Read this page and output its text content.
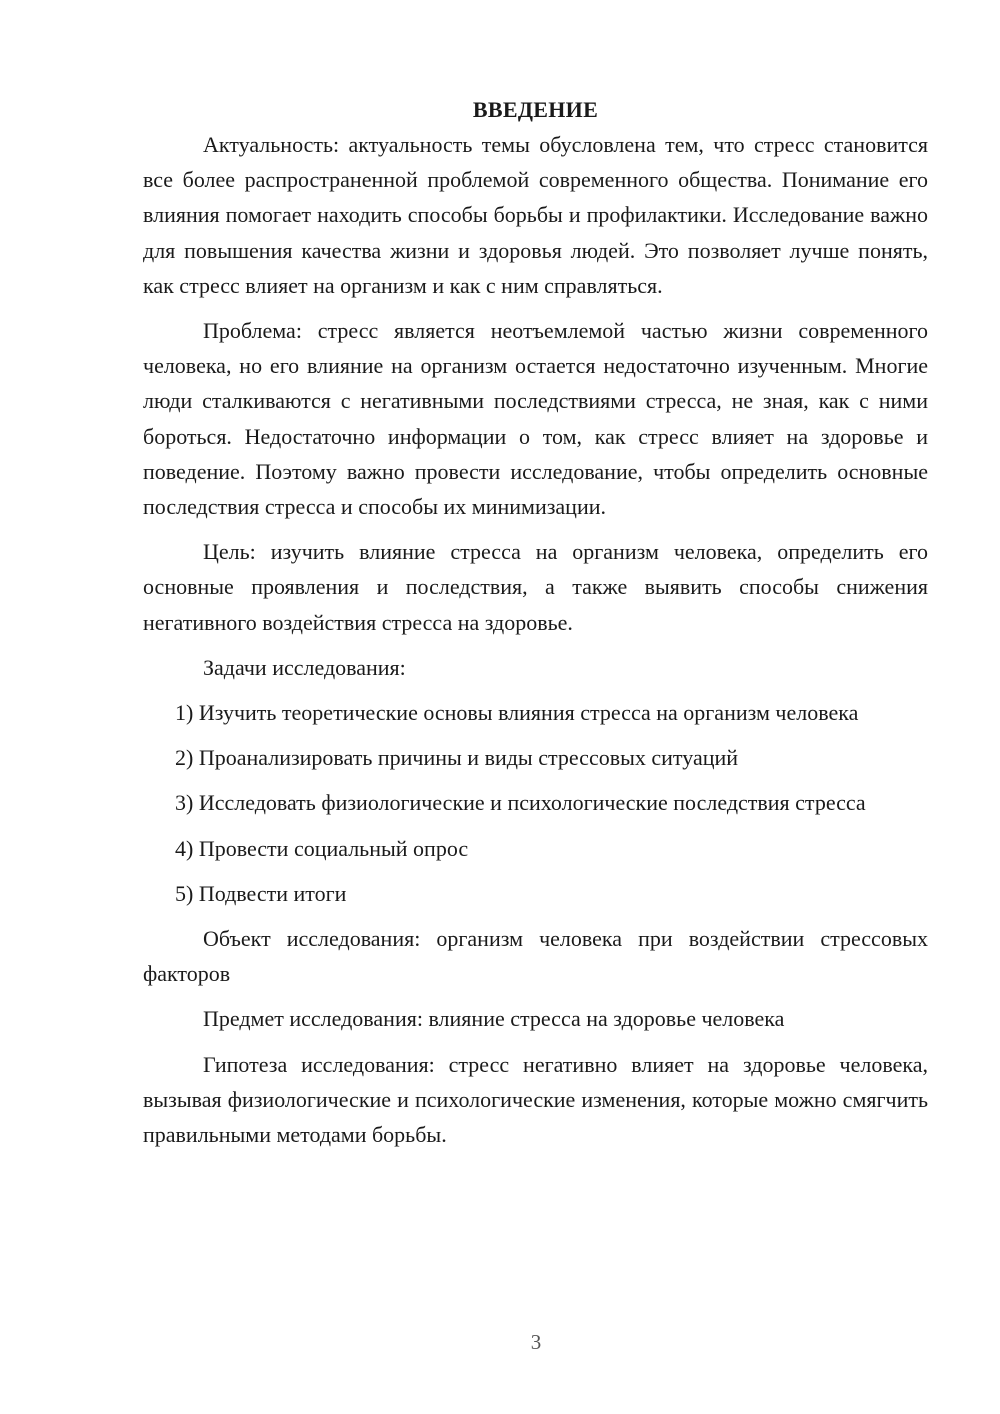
ВВЕДЕНИЕ

Актуальность: актуальность темы обусловлена тем, что стресс становится все более распространенной проблемой современного общества. Понимание его влияния помогает находить способы борьбы и профилактики. Исследование важно для повышения качества жизни и здоровья людей. Это позволяет лучше понять, как стресс влияет на организм и как с ним справляться.

Проблема: стресс является неотъемлемой частью жизни современного человека, но его влияние на организм остается недостаточно изученным. Многие люди сталкиваются с негативными последствиями стресса, не зная, как с ними бороться. Недостаточно информации о том, как стресс влияет на здоровье и поведение. Поэтому важно провести исследование, чтобы определить основные последствия стресса и способы их минимизации.

Цель: изучить влияние стресса на организм человека, определить его основные проявления и последствия, а также выявить способы снижения негативного воздействия стресса на здоровье.

Задачи исследования:

1) Изучить теоретические основы влияния стресса на организм человека

2) Проанализировать причины и виды стрессовых ситуаций

3) Исследовать физиологические и психологические последствия стресса

4) Провести социальный опрос

5) Подвести итоги

Объект исследования: организм человека при воздействии стрессовых факторов

Предмет исследования: влияние стресса на здоровье человека

Гипотеза исследования: стресс негативно влияет на здоровье человека, вызывая физиологические и психологические изменения, которые можно смягчить правильными методами борьбы.

3
